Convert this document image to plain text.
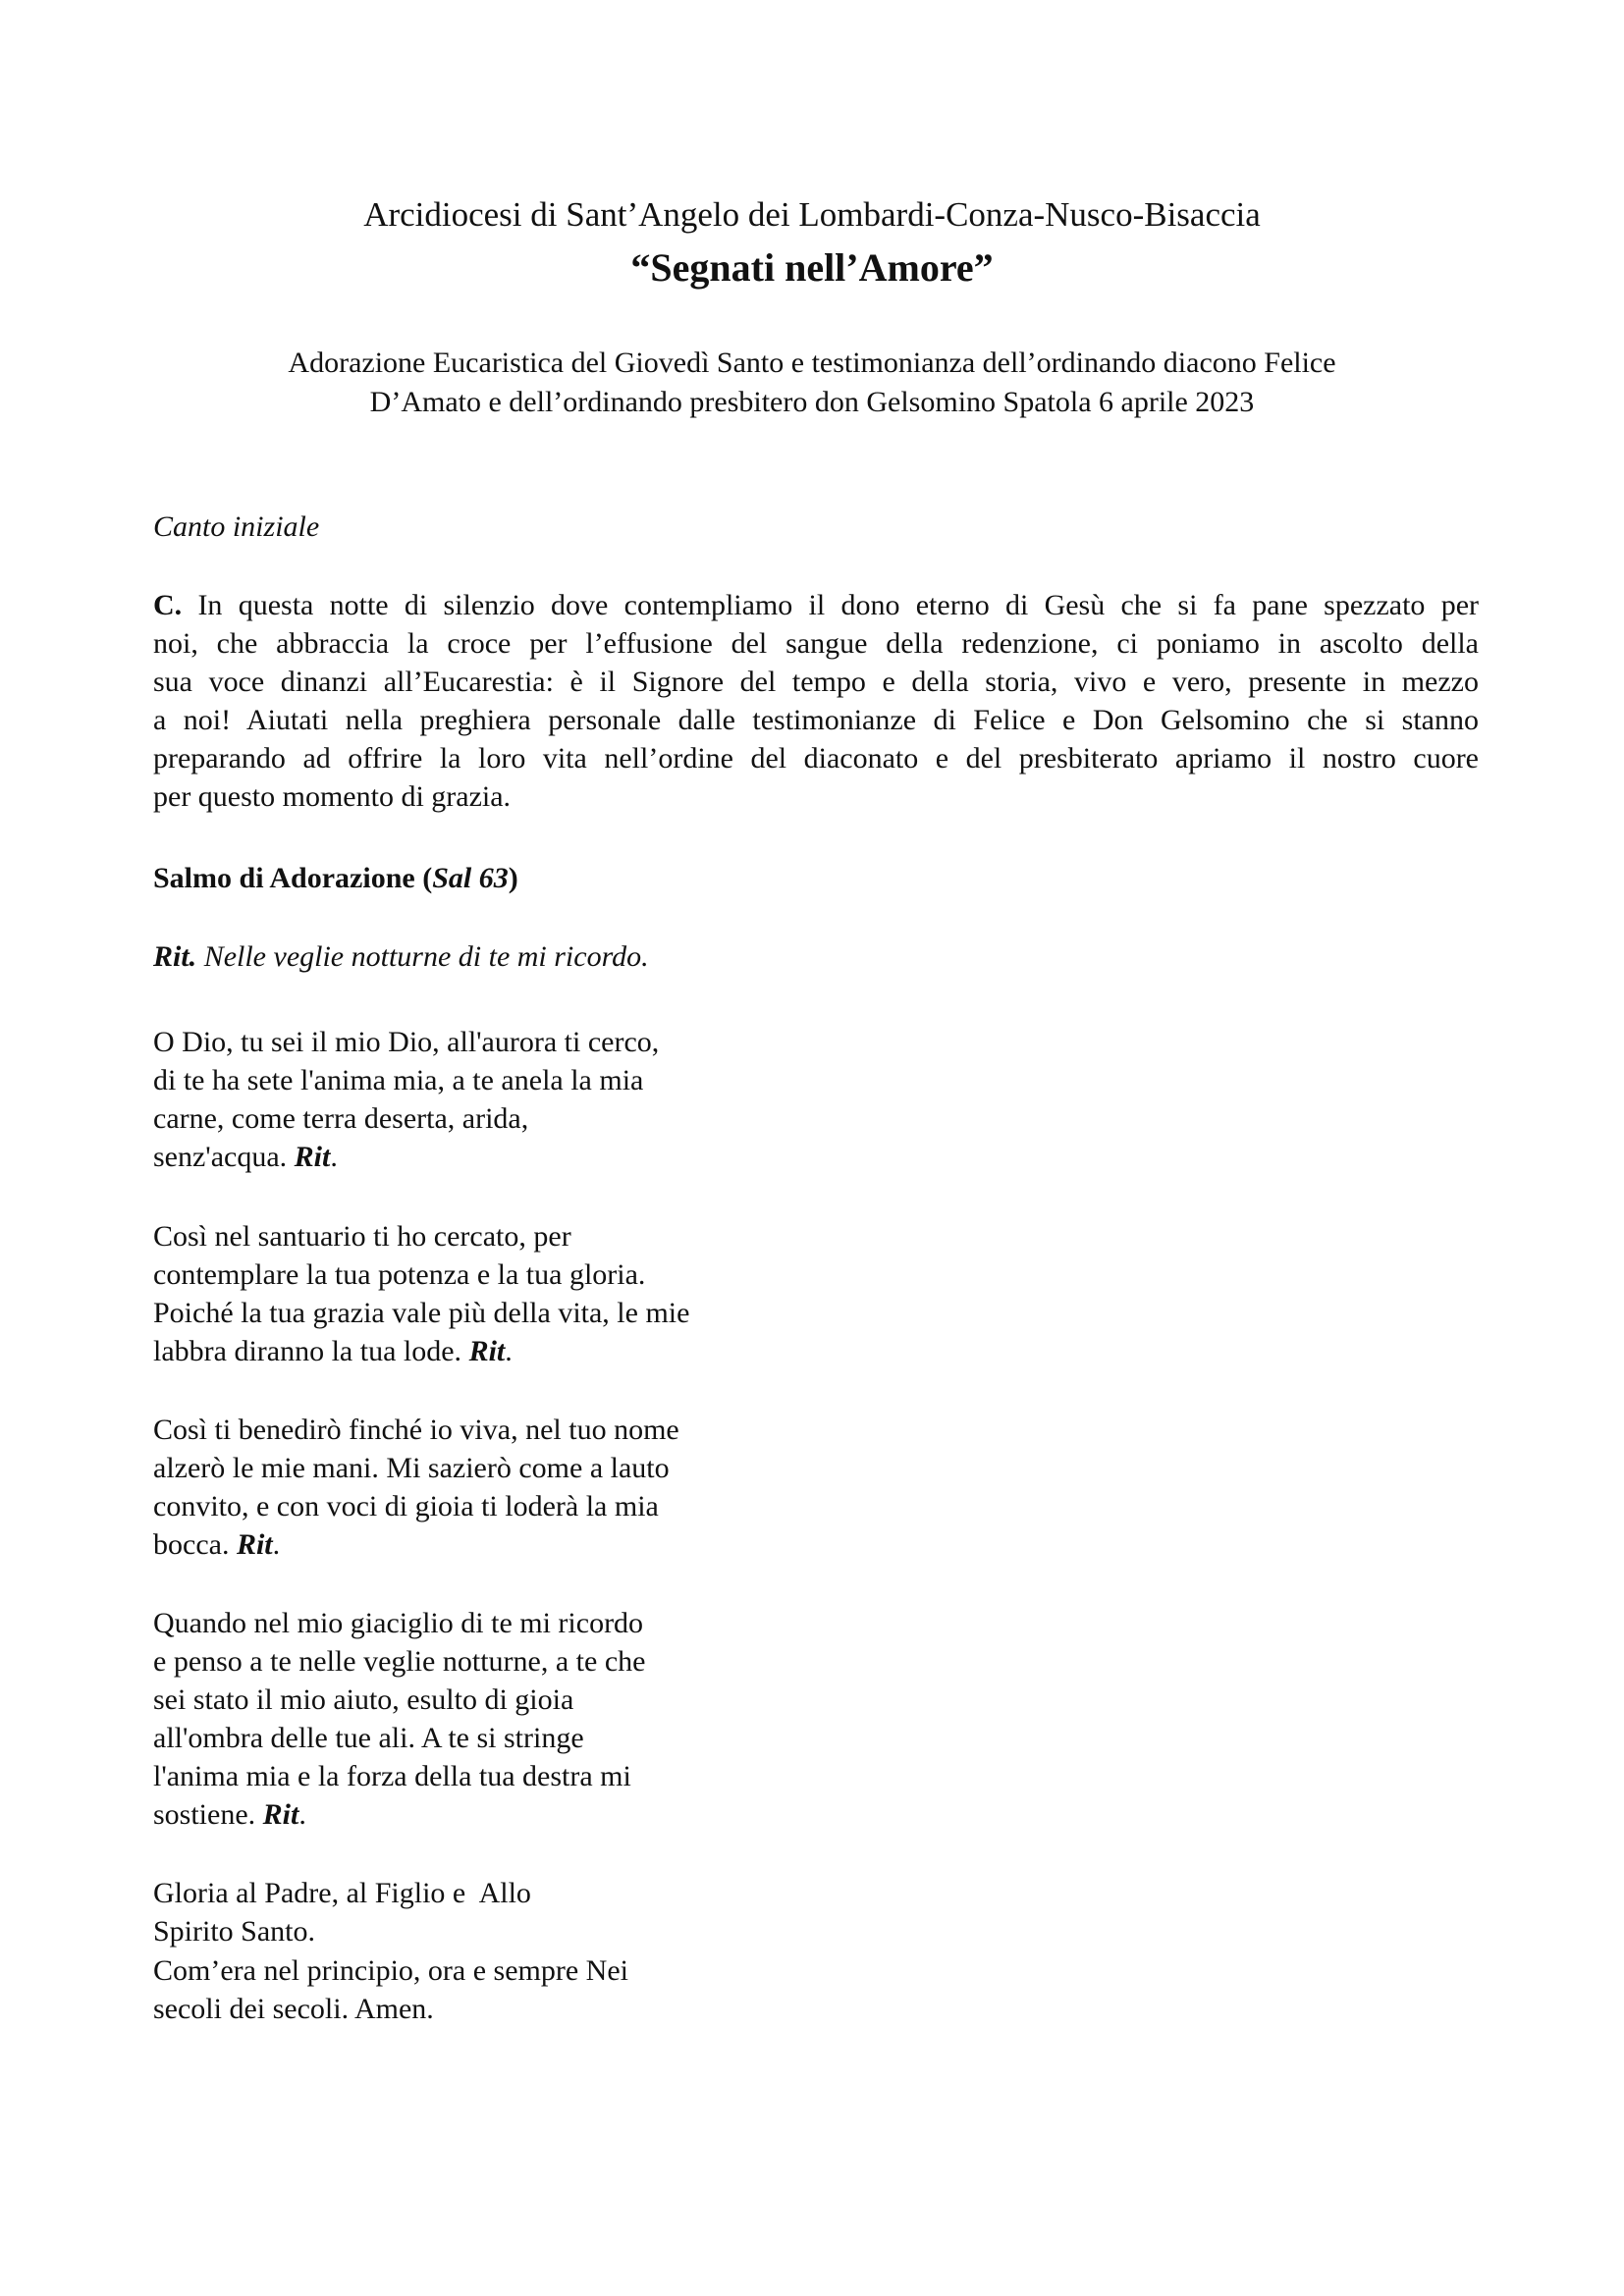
Arcidiocesi di Sant’Angelo dei Lombardi-Conza-Nusco-Bisaccia
“Segnati nell’Amore”
Adorazione Eucaristica del Giovedì Santo e testimonianza dell’ordinando diacono Felice
D’Amato e dell’ordinando presbitero don Gelsomino Spatola 6 aprile 2023
Canto iniziale
C. In questa notte di silenzio dove contempliamo il dono eterno di Gesù che si fa pane spezzato per
noi, che abbraccia la croce per l’effusione del sangue della redenzione, ci poniamo in ascolto della
sua voce dinanzi all’Eucarestia: è il Signore del tempo e della storia, vivo e vero, presente in mezzo
a noi! Aiutati nella preghiera personale dalle testimonianze di Felice e Don Gelsomino che si stanno
preparando ad offrire la loro vita nell’ordine del diaconato e del presbiterato apriamo il nostro cuore
per questo momento di grazia.
Salmo di Adorazione (Sal 63)
Rit. Nelle veglie notturne di te mi ricordo.
O Dio, tu sei il mio Dio, all'aurora ti cerco,
di te ha sete l'anima mia, a te anela la mia
carne, come terra deserta, arida,
senz'acqua. Rit.
Così nel santuario ti ho cercato, per
contemplare la tua potenza e la tua gloria.
Poiché la tua grazia vale più della vita, le mie
labbra diranno la tua lode. Rit.
Così ti benedirò finché io viva, nel tuo nome
alzerò le mie mani. Mi sazierò come a lauto
convito, e con voci di gioia ti loderà la mia
bocca. Rit.
Quando nel mio giaciglio di te mi ricordo
e penso a te nelle veglie notturne, a te che
sei stato il mio aiuto, esulto di gioia
all'ombra delle tue ali. A te si stringe
l'anima mia e la forza della tua destra mi
sostiene. Rit.
Gloria al Padre, al Figlio e  Allo
Spirito Santo.
Com’era nel principio, ora e sempre Nei
secoli dei secoli. Amen.
